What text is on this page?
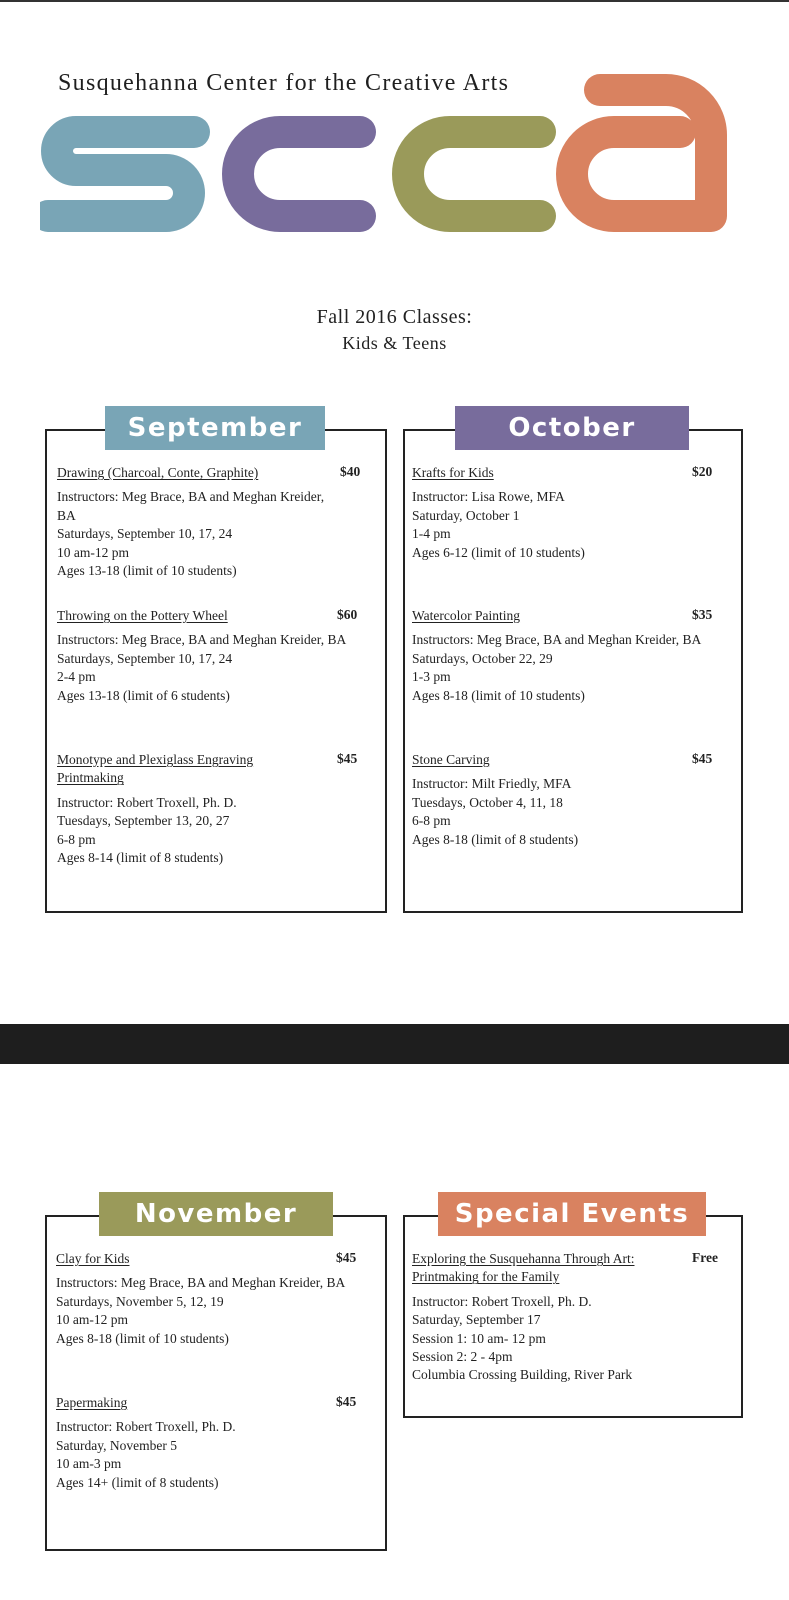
Susquehanna Center for the Creative Arts
Fall 2016 Classes:
Kids & Teens
September
Drawing (Charcoal, Conte, Graphite)
Instructors: Meg Brace, BA and Meghan Kreider, BA
Saturdays, September 10, 17, 24
10 am-12 pm
Ages 13-18 (limit of 10 students)
$40
Throwing on the Pottery Wheel
Instructors: Meg Brace, BA and Meghan Kreider, BA
Saturdays, September 10, 17, 24
2-4 pm
Ages 13-18 (limit of 6 students)
$60
Monotype and Plexiglass Engraving
Printmaking
Instructor: Robert Troxell, Ph. D.
Tuesdays, September 13, 20, 27
6-8 pm
Ages 8-14 (limit of 8 students)
$45
October
Krafts for Kids
Instructor: Lisa Rowe, MFA
Saturday, October 1
1-4 pm
Ages 6-12 (limit of 10 students)
$20
Watercolor Painting
Instructors: Meg Brace, BA and Meghan Kreider, BA
Saturdays, October 22, 29
1-3 pm
Ages 8-18 (limit of 10 students)
$35
Stone Carving
Instructor: Milt Friedly, MFA
Tuesdays, October 4, 11, 18
6-8 pm
Ages 8-18 (limit of 8 students)
$45
November
Clay for Kids
Instructors: Meg Brace, BA and Meghan Kreider, BA
Saturdays, November 5, 12, 19
10 am-12 pm
Ages 8-18 (limit of 10 students)
$45
Papermaking
Instructor: Robert Troxell, Ph. D.
Saturday, November 5
10 am-3 pm
Ages 14+ (limit of 8 students)
$45
Special Events
Exploring the Susquehanna Through Art:
Printmaking for the Family
Instructor: Robert Troxell, Ph. D.
Saturday, September 17
Session 1: 10 am- 12 pm
Session 2: 2 - 4pm
Columbia Crossing Building, River Park
Free
